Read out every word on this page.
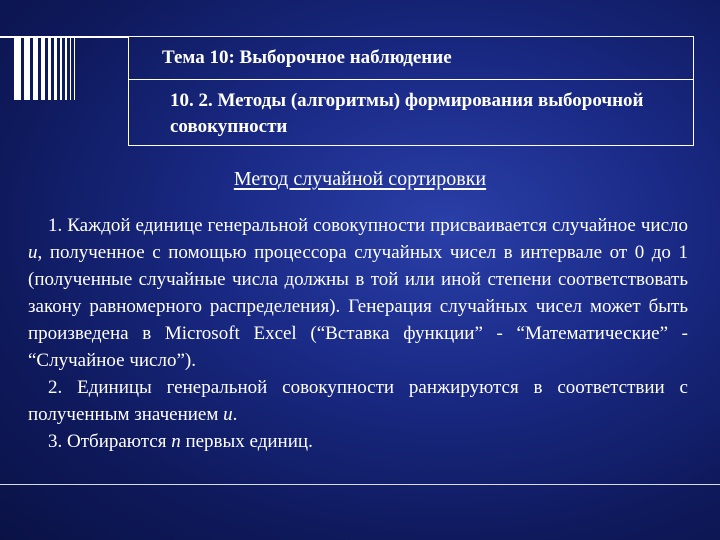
Тема 10: Выборочное наблюдение
10. 2. Методы (алгоритмы) формирования выборочной совокупности
Метод случайной сортировки

1. Каждой единице генеральной совокупности присваивается случайное число u, полученное с помощью процессора случайных чисел в интервале от 0 до 1 (полученные случайные числа должны в той или иной степени соответствовать закону равномерного распределения). Генерация случайных чисел может быть произведена в Microsoft Excel (“Вставка функции” - “Математические” - “Случайное число”).

2. Единицы генеральной совокупности ранжируются в соответствии с полученным значением u.

3. Отбираются n первых единиц.
